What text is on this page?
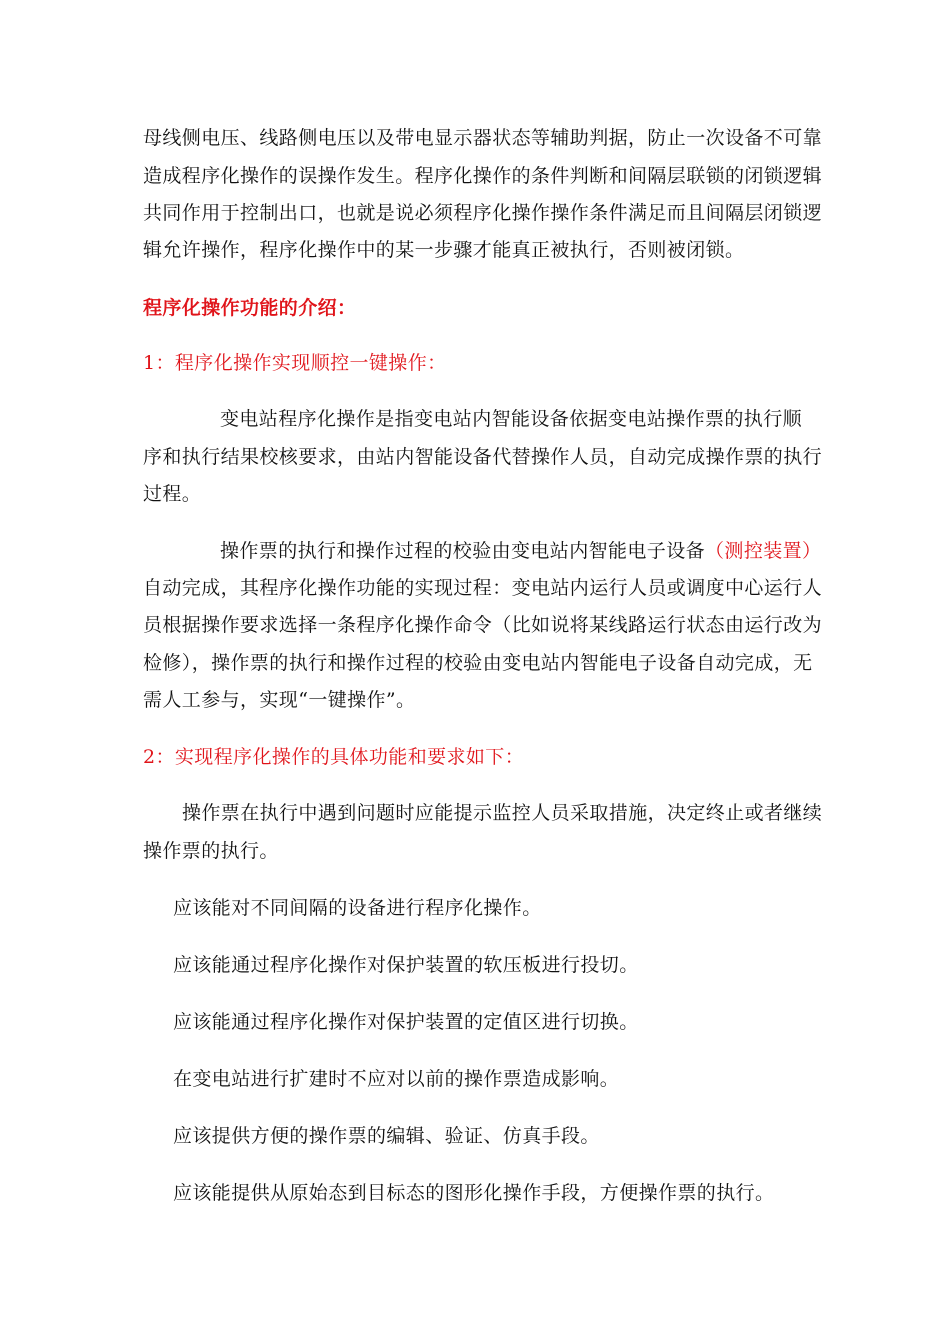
母线侧电压、线路侧电压以及带电显示器状态等辅助判据，防止一次设备不可靠
造成程序化操作的误操作发生。程序化操作的条件判断和间隔层联锁的闭锁逻辑
共同作用于控制出口，也就是说必须程序化操作操作条件满足而且间隔层闭锁逻
辑允许操作，程序化操作中的某一步骤才能真正被执行，否则被闭锁。
程序化操作功能的介绍：
1：程序化操作实现顺控一键操作：
变电站程序化操作是指变电站内智能设备依据变电站操作票的执行顺
序和执行结果校核要求，由站内智能设备代替操作人员，自动完成操作票的执行
过程。
操作票的执行和操作过程的校验由变电站内智能电子设备（测控装置）
自动完成，其程序化操作功能的实现过程：变电站内运行人员或调度中心运行人
员根据操作要求选择一条程序化操作命令（比如说将某线路运行状态由运行改为
检修），操作票的执行和操作过程的校验由变电站内智能电子设备自动完成，无
需人工参与，实现“一键操作”。
2：实现程序化操作的具体功能和要求如下：
操作票在执行中遇到问题时应能提示监控人员采取措施，决定终止或者继续
操作票的执行。
应该能对不同间隔的设备进行程序化操作。
应该能通过程序化操作对保护装置的软压板进行投切。
应该能通过程序化操作对保护装置的定值区进行切换。
在变电站进行扩建时不应对以前的操作票造成影响。
应该提供方便的操作票的编辑、验证、仿真手段。
应该能提供从原始态到目标态的图形化操作手段，方便操作票的执行。
